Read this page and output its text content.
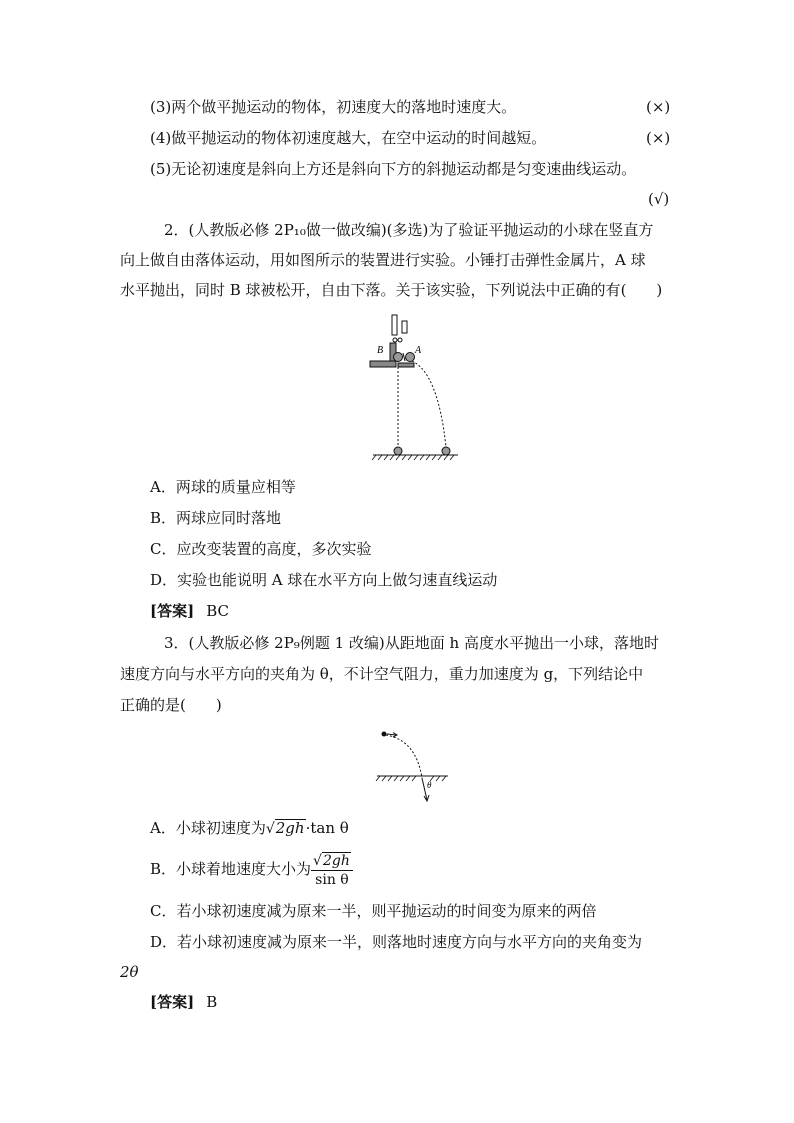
(3)两个做平抛运动的物体，初速度大的落地时速度大。	(×)
(4)做平抛运动的物体初速度越大，在空中运动的时间越短。	(×)
(5)无论初速度是斜向上方还是斜向下方的斜抛运动都是匀变速曲线运动。
(√)
2．(人教版必修 2P₁₀做一做改编)(多选)为了验证平抛运动的小球在竖直方
向上做自由落体运动，用如图所示的装置进行实验。小锤打击弹性金属片，A 球
水平抛出，同时 B 球被松开，自由下落。关于该实验，下列说法中正确的有(　　)
B	A
A．两球的质量应相等
B．两球应同时落地
C．应改变装置的高度，多次实验
D．实验也能说明 A 球在水平方向上做匀速直线运动
[答案] BC
3．(人教版必修 2P₉例题 1 改编)从距地面 h 高度水平抛出一小球，落地时
速度方向与水平方向的夹角为 θ，不计空气阻力，重力加速度为 g，下列结论中
正确的是(　　)
θ
A．小球初速度为√2gh·tan θ
B．小球着地速度大小为 $\frac{√2gh}{\text{sin θ}}$
C．若小球初速度减为原来一半，则平抛运动的时间变为原来的两倍
D．若小球初速度减为原来一半，则落地时速度方向与水平方向的夹角变为
2θ
[答案] B
